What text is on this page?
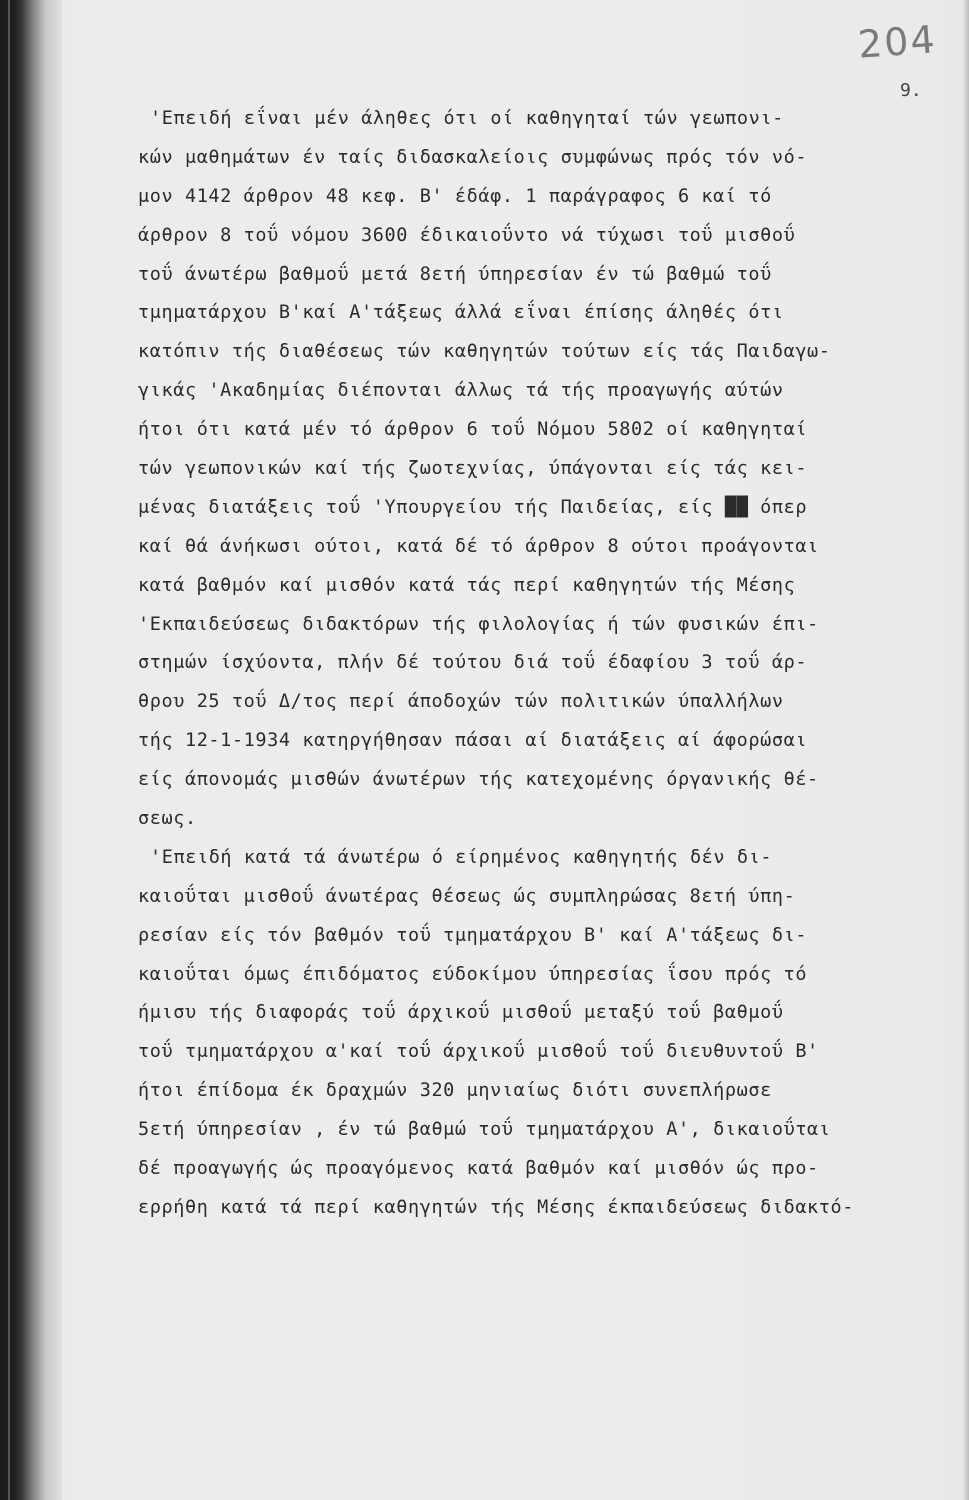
204
9.
'Επειδή εΐναι μέν άληθες ότι οί καθηγηταί τών γεωπονι-
κών μαθημάτων έν ταίς διδασκαλείοις συμφώνως πρός τόν νό-
μον 4142 άρθρον 48 κεφ. Β' έδάφ. 1 παράγραφος 6 καί τό
άρθρον 8 τοΰ νόμου 3600 έδικαιοΰντο νά τύχωσι τοΰ μισθοΰ
τοΰ άνωτέρω βαθμοΰ μετά 8ετή ύπηρεσίαν έν τώ βαθμώ τοΰ
τμηματάρχου Β'καί Α'τάξεως άλλά εΐναι έπίσης άληθές ότι
κατόπιν τής διαθέσεως τών καθηγητών τούτων είς τάς Παιδαγω-
γικάς 'Ακαδημίας διέπονται άλλως τά τής προαγωγής αύτών
ήτοι ότι κατά μέν τό άρθρον 6 τοΰ Νόμου 5802 οί καθηγηταί
τών γεωπονικών καί τής ζωοτεχνίας, ύπάγονται είς τάς κει-
μένας διατάξεις τοΰ 'Υπουργείου τής Παιδείας, είς ██ όπερ
καί θά άνήκωσι ούτοι, κατά δέ τό άρθρον 8 ούτοι προάγονται
κατά βαθμόν καί μισθόν κατά τάς περί καθηγητών τής Μέσης
'Εκπαιδεύσεως διδακτόρων τής φιλολογίας ή τών φυσικών έπι-
στημών ίσχύοντα, πλήν δέ τούτου διά τοΰ έδαφίου 3 τοΰ άρ-
θρου 25 τοΰ Δ/τος περί άποδοχών τών πολιτικών ύπαλλήλων
τής 12-1-1934 κατηργήθησαν πάσαι αί διατάξεις αί άφορώσαι
είς άπονομάς μισθών άνωτέρων τής κατεχομένης όργανικής θέ-
σεως.
'Επειδή κατά τά άνωτέρω ό είρημένος καθηγητής δέν δι-
καιοΰται μισθοΰ άνωτέρας θέσεως ώς συμπληρώσας 8ετή ύπη-
ρεσίαν είς τόν βαθμόν τοΰ τμηματάρχου Β' καί Α'τάξεως δι-
καιοΰται όμως έπιδόματος εύδοκίμου ύπηρεσίας ΐσου πρός τό
ήμισυ τής διαφοράς τοΰ άρχικοΰ μισθοΰ μεταξύ τοΰ βαθμοΰ
τοΰ τμηματάρχου α'καί τοΰ άρχικοΰ μισθοΰ τοΰ διευθυντοΰ Β'
ήτοι έπίδομα έκ δραχμών 320 μηνιαίως διότι συνεπλήρωσε
5ετή ύπηρεσίαν , έν τώ βαθμώ τοΰ τμηματάρχου Α', δικαιοΰται
δέ προαγωγής ώς προαγόμενος κατά βαθμόν καί μισθόν ώς προ-
ερρήθη κατά τά περί καθηγητών τής Μέσης έκπαιδεύσεως διδακτό-
